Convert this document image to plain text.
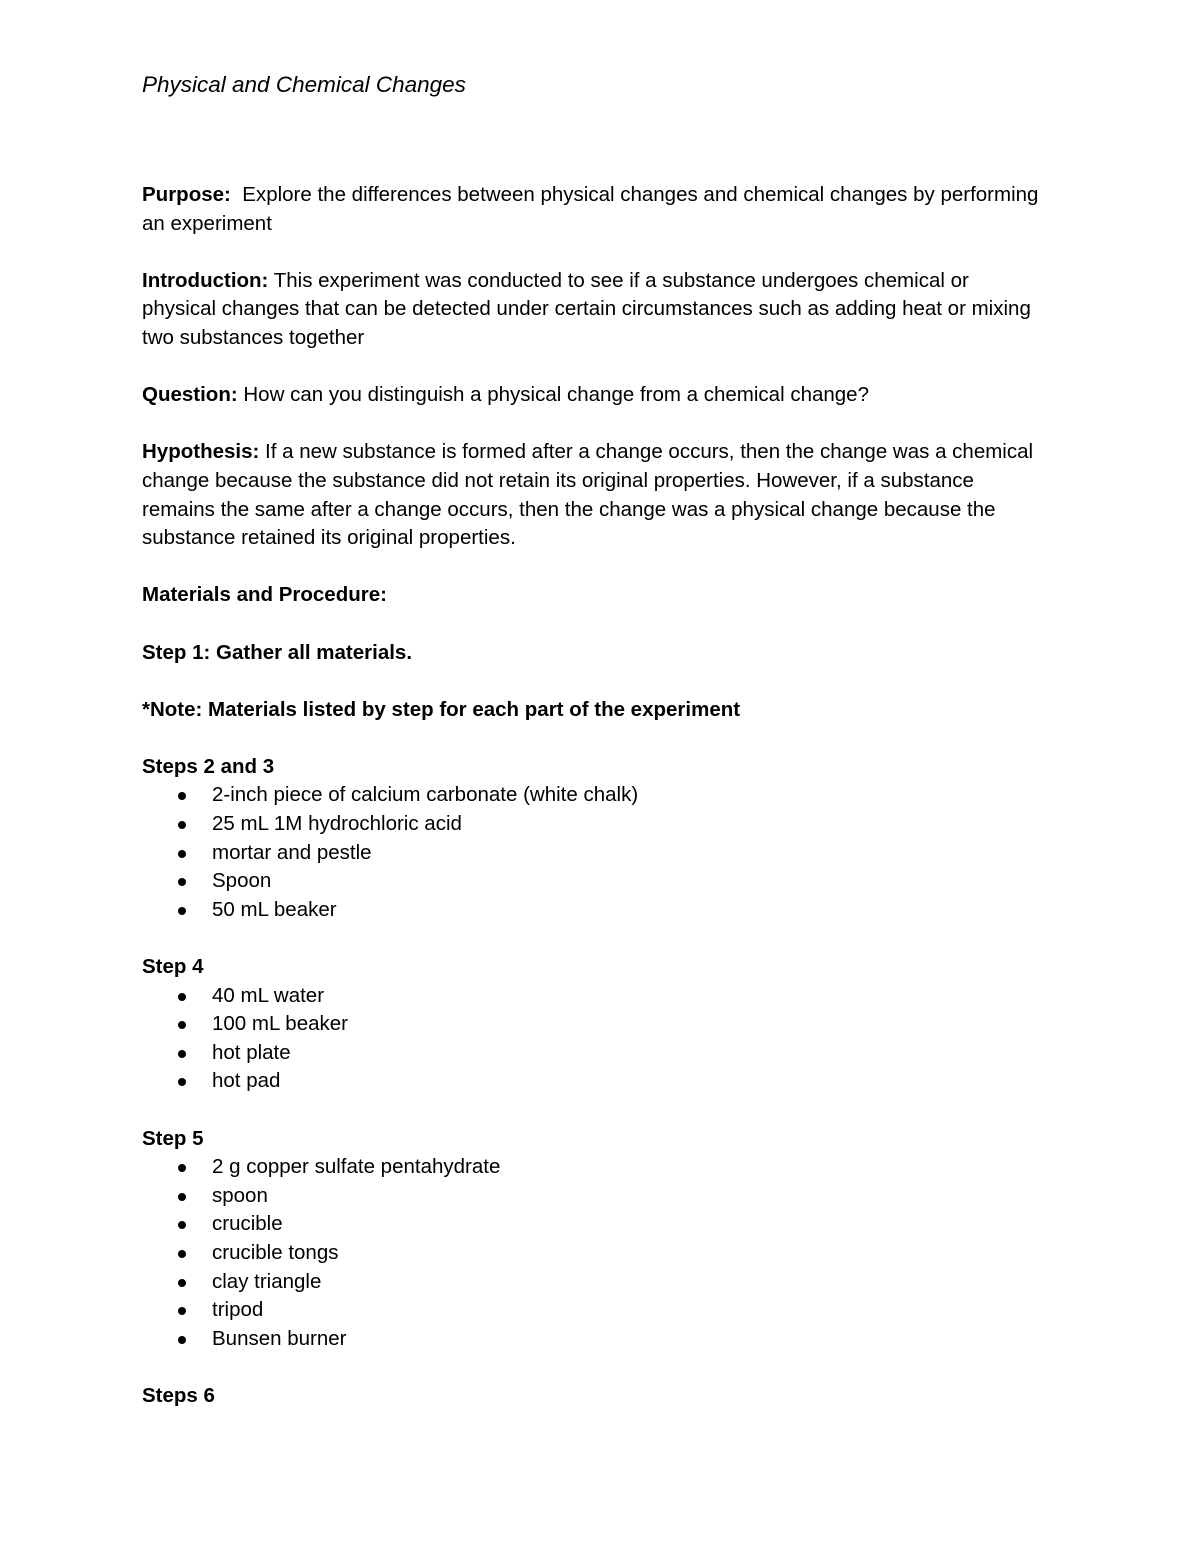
Physical and Chemical Changes

Purpose: Explore the differences between physical changes and chemical changes by performing an experiment

Introduction: This experiment was conducted to see if a substance undergoes chemical or physical changes that can be detected under certain circumstances such as adding heat or mixing two substances together

Question: How can you distinguish a physical change from a chemical change?

Hypothesis: If a new substance is formed after a change occurs, then the change was a chemical change because the substance did not retain its original properties. However, if a substance remains the same after a change occurs, then the change was a physical change because the substance retained its original properties.

Materials and Procedure:

Step 1: Gather all materials.

*Note: Materials listed by step for each part of the experiment

Steps 2 and 3

2-inch piece of calcium carbonate (white chalk)
25 mL 1M hydrochloric acid
mortar and pestle
Spoon
50 mL beaker

Step 4

40 mL water
100 mL beaker
hot plate
hot pad

Step 5

2 g copper sulfate pentahydrate
spoon
crucible
crucible tongs
clay triangle
tripod
Bunsen burner

Steps 6
